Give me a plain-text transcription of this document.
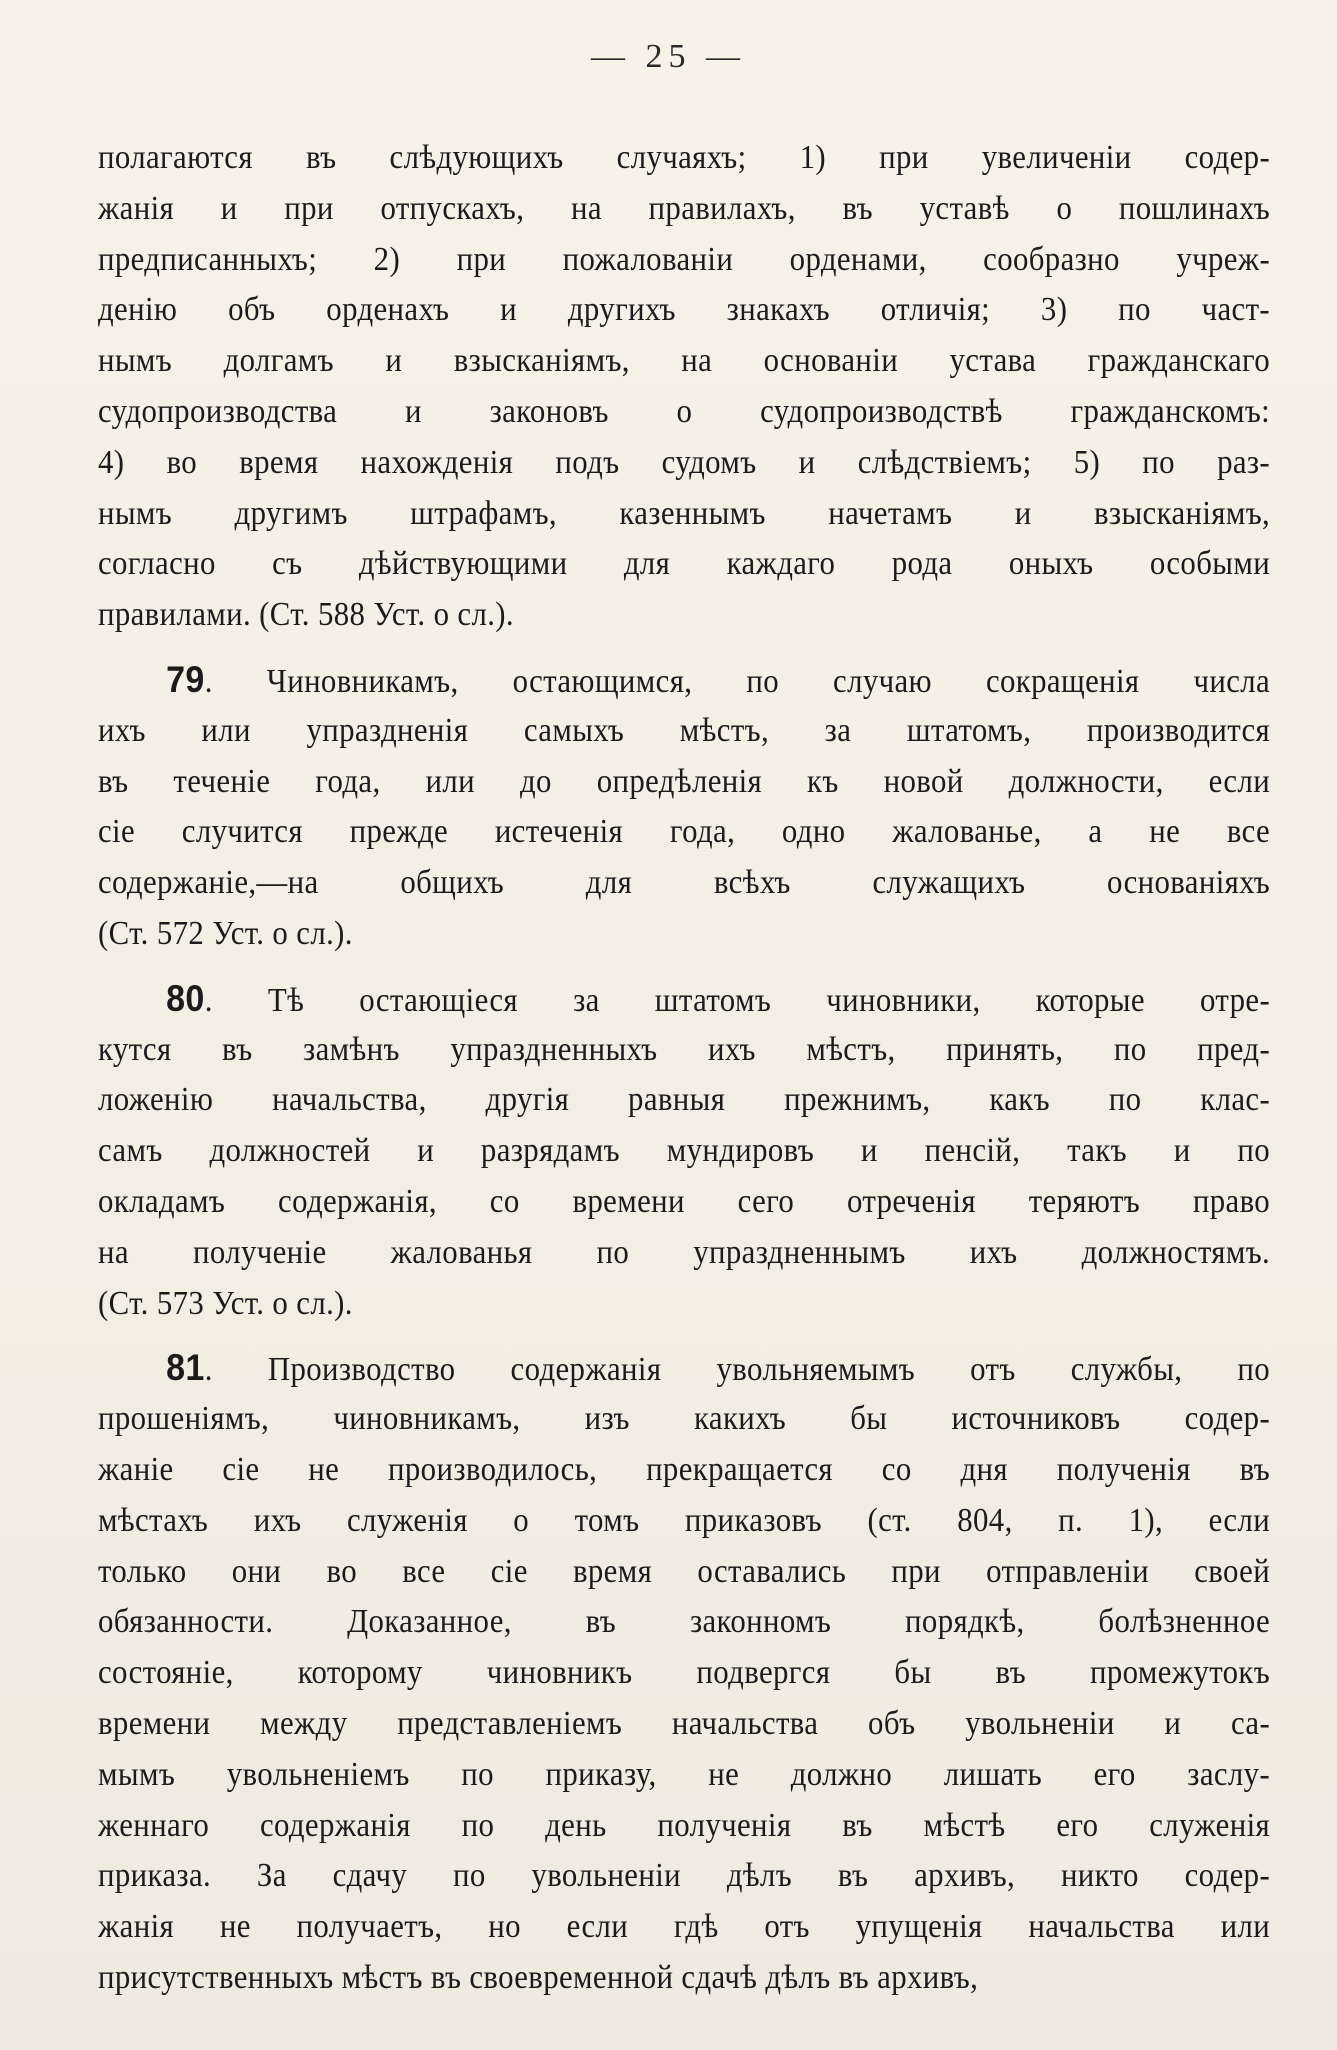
— 25 —
полагаются въ слѣдующихъ случаяхъ; 1) при увеличеніи содер-
жанія и при отпускахъ, на правилахъ, въ уставѣ о пошлинахъ
предписанныхъ; 2) при пожалованіи орденами, сообразно учреж-
денію объ орденахъ и другихъ знакахъ отличія; 3) по част-
нымъ долгамъ и взысканіямъ, на основаніи устава гражданскаго
судопроизводства и законовъ о судопроизводствѣ гражданскомъ:
4) во время нахожденія подъ судомъ и слѣдствіемъ; 5) по раз-
нымъ другимъ штрафамъ, казеннымъ начетамъ и взысканіямъ,
согласно съ дѣйствующими для каждаго рода оныхъ особыми
правилами. (Ст. 588 Уст. о сл.).
79. Чиновникамъ, остающимся, по случаю сокращенія числа
ихъ или упраздненія самыхъ мѣстъ, за штатомъ, производится
въ теченіе года, или до опредѣленія къ новой должности, если
сіе случится прежде истеченія года, одно жалованье, а не все
содержаніе,—на общихъ для всѣхъ служащихъ основаніяхъ
(Ст. 572 Уст. о сл.).
80. Тѣ остающіеся за штатомъ чиновники, которые отре-
кутся въ замѣнъ упраздненныхъ ихъ мѣстъ, принять, по пред-
ложенію начальства, другія равныя прежнимъ, какъ по клас-
самъ должностей и разрядамъ мундировъ и пенсій, такъ и по
окладамъ содержанія, со времени сего отреченія теряютъ право
на полученіе жалованья по упраздненнымъ ихъ должностямъ.
(Ст. 573 Уст. о сл.).
81. Производство содержанія увольняемымъ отъ службы, по
прошеніямъ, чиновникамъ, изъ какихъ бы источниковъ содер-
жаніе сіе не производилось, прекращается со дня полученія въ
мѣстахъ ихъ служенія о томъ приказовъ (ст. 804, п. 1), если
только они во все сіе время оставались при отправленіи своей
обязанности. Доказанное, въ законномъ порядкѣ, болѣзненное
состояніе, которому чиновникъ подвергся бы въ промежутокъ
времени между представленіемъ начальства объ увольненіи и са-
мымъ увольненіемъ по приказу, не должно лишать его заслу-
женнаго содержанія по день полученія въ мѣстѣ его служенія
приказа. За сдачу по увольненіи дѣлъ въ архивъ, никто содер-
жанія не получаетъ, но если гдѣ отъ упущенія начальства или
присутственныхъ мѣстъ въ своевременной сдачѣ дѣлъ въ архивъ,
